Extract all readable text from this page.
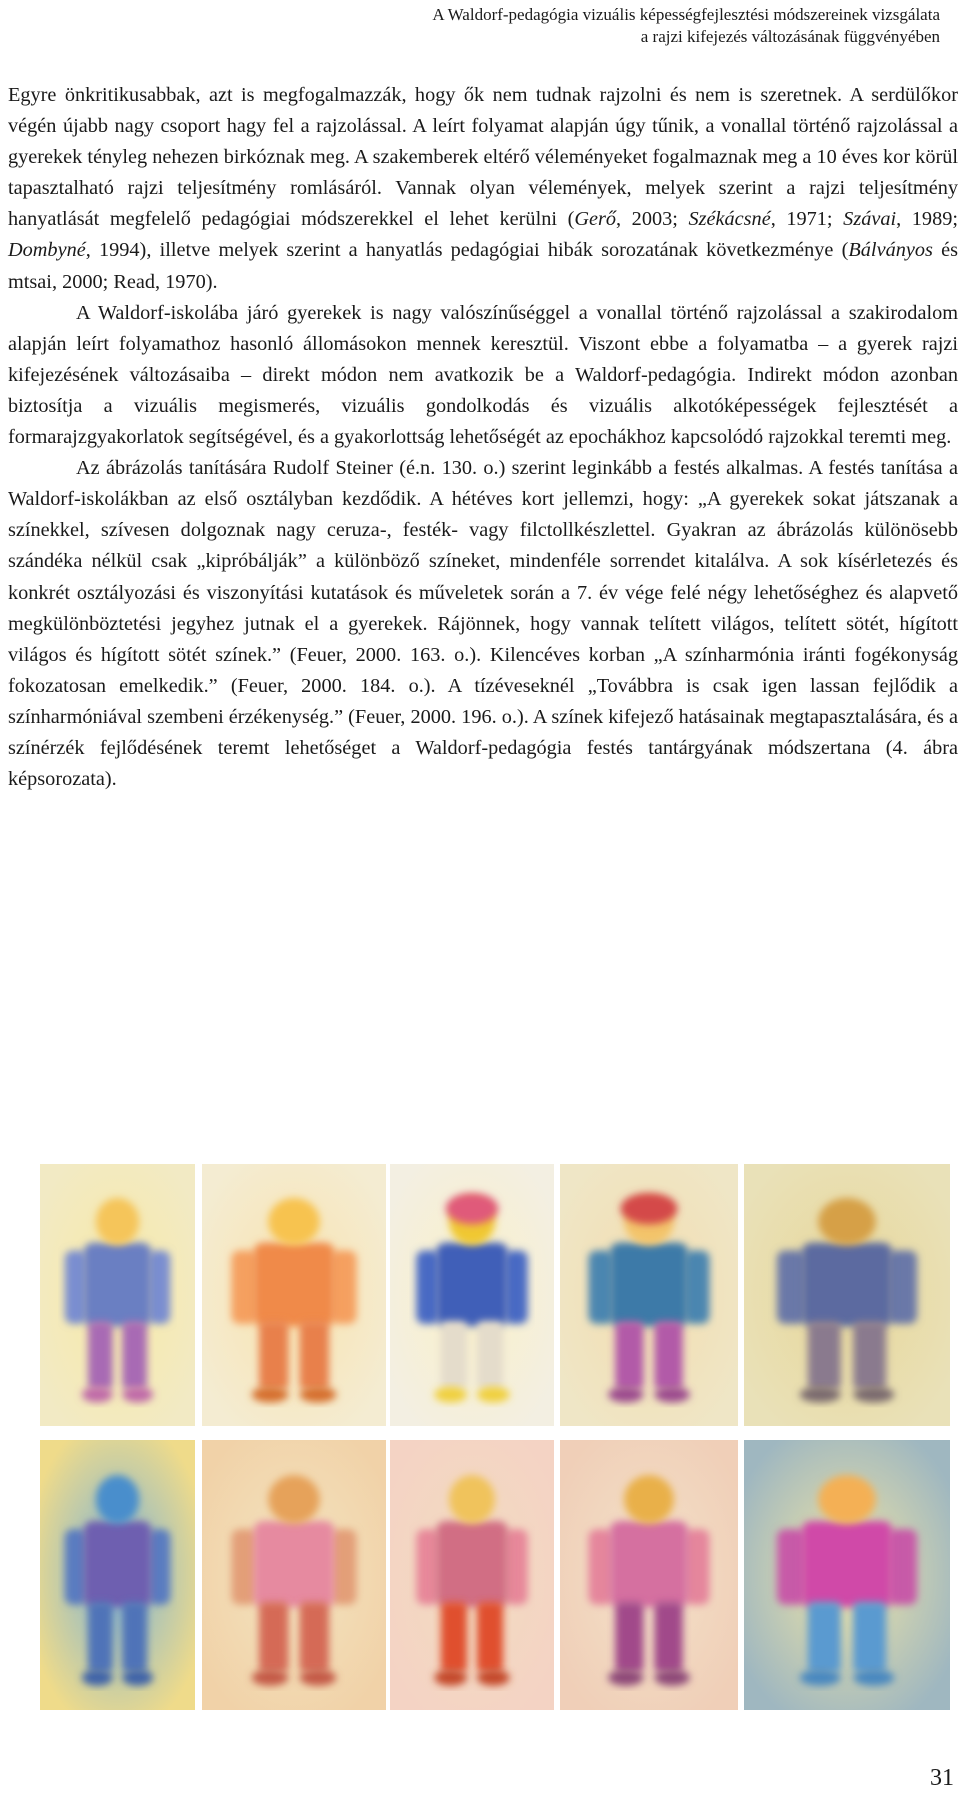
A Waldorf-pedagógia vizuális képességfejlesztési módszereinek vizsgálata
a rajzi kifejezés változásának függvényében

Egyre önkritikusabbak, azt is megfogalmazzák, hogy ők nem tudnak rajzolni és nem is szeretnek. A serdülőkor végén újabb nagy csoport hagy fel a rajzolással. A leírt folyamat alapján úgy tűnik, a vonallal történő rajzolással a gyerekek tényleg nehezen birkóznak meg. A szakemberek eltérő véleményeket fogalmaznak meg a 10 éves kor körül tapasztalható rajzi teljesítmény romlásáról. Vannak olyan vélemények, melyek szerint a rajzi teljesítmény hanyatlását megfelelő pedagógiai módszerekkel el lehet kerülni (Gerő, 2003; Székácsné, 1971; Szávai, 1989; Dombyné, 1994), illetve melyek szerint a hanyatlás pedagógiai hibák sorozatának következménye (Bálványos és mtsai, 2000; Read, 1970).

A Waldorf-iskolába járó gyerekek is nagy valószínűséggel a vonallal történő rajzolással a szakirodalom alapján leírt folyamathoz hasonló állomásokon mennek keresztül. Viszont ebbe a folyamatba – a gyerek rajzi kifejezésének változásaiba – direkt módon nem avatkozik be a Waldorf-pedagógia. Indirekt módon azonban biztosítja a vizuális megismerés, vizuális gondolkodás és vizuális alkotóképességek fejlesztését a formarajzgyakorlatok segítségével, és a gyakorlottság lehetőségét az epochákhoz kapcsolódó rajzokkal teremti meg.

Az ábrázolás tanítására Rudolf Steiner (é.n. 130. o.) szerint leginkább a festés alkalmas. A festés tanítása a Waldorf-iskolákban az első osztályban kezdődik. A hétéves kort jellemzi, hogy: „A gyerekek sokat játszanak a színekkel, szívesen dolgoznak nagy ceruza-, festék- vagy filctollkészlettel. Gyakran az ábrázolás különösebb szándéka nélkül csak „kipróbálják” a különböző színeket, mindenféle sorrendet kitalálva. A sok kísérletezés és konkrét osztályozási és viszonyítási kutatások és műveletek során a 7. év vége felé négy lehetőséghez és alapvető megkülönböztetési jegyhez jutnak el a gyerekek. Rájönnek, hogy vannak telített világos, telített sötét, hígított világos és hígított sötét színek.” (Feuer, 2000. 163. o.). Kilencéves korban „A színharmónia iránti fogékonyság fokozatosan emelkedik.” (Feuer, 2000. 184. o.). A tízéveseknél „Továbbra is csak igen lassan fejlődik a színharmóniával szembeni érzékenység.” (Feuer, 2000. 196. o.). A színek kifejező hatásainak megtapasztalására, és a színérzék fejlődésének teremt lehetőséget a Waldorf-pedagógia festés tantárgyának módszertana (4. ábra képsorozata).

31
